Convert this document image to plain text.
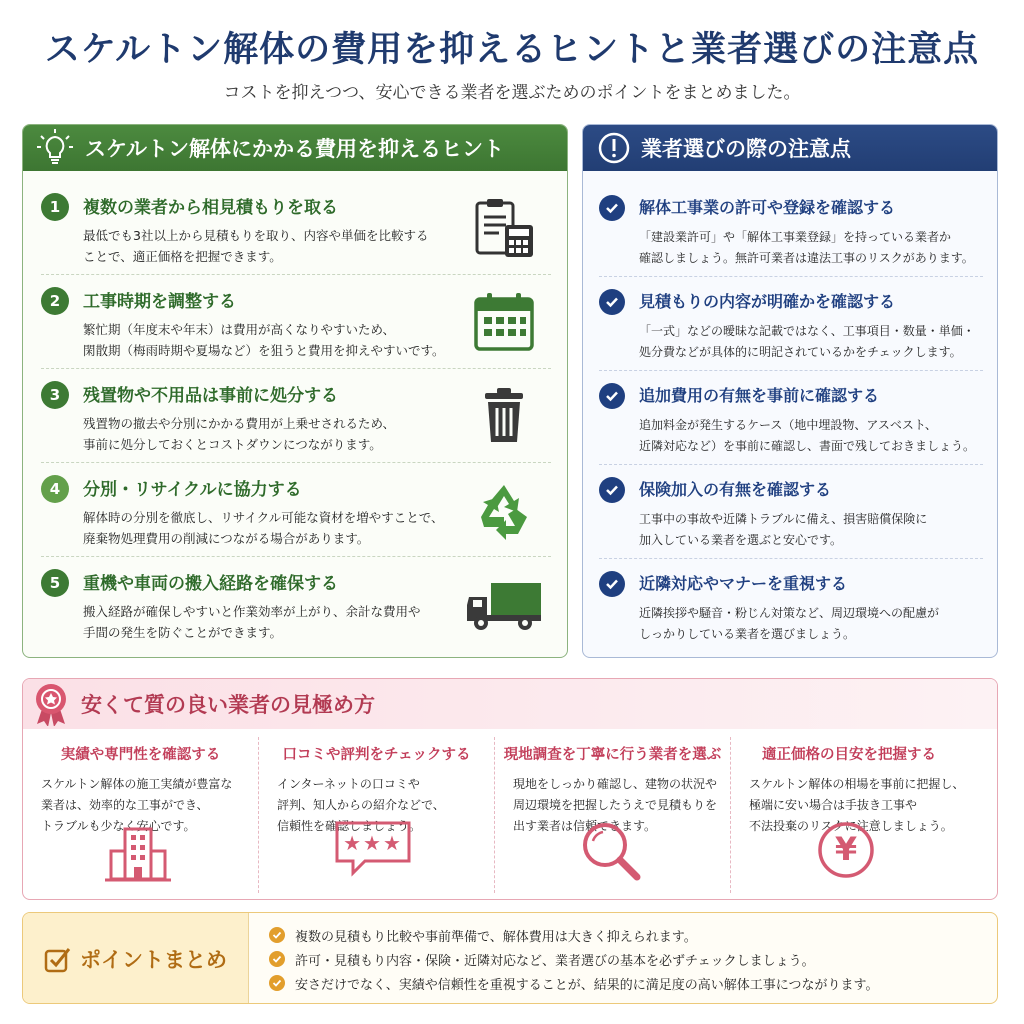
スケルトン解体の費用を抑えるヒントと業者選びの注意点
コストを抑えつつ、安心できる業者を選ぶためのポイントをまとめました。
スケルトン解体にかかる費用を抑えるヒント
1	複数の業者から相見積もりを取る
最低でも3社以上から見積もりを取り、内容や単価を比較する
ことで、適正価格を把握できます。
2	工事時期を調整する
繁忙期（年度末や年末）は費用が高くなりやすいため、
閑散期（梅雨時期や夏場など）を狙うと費用を抑えやすいです。
3	残置物や不用品は事前に処分する
残置物の撤去や分別にかかる費用が上乗せされるため、
事前に処分しておくとコストダウンにつながります。
4	分別・リサイクルに協力する
解体時の分別を徹底し、リサイクル可能な資材を増やすことで、
廃棄物処理費用の削減につながる場合があります。
5	重機や車両の搬入経路を確保する
搬入経路が確保しやすいと作業効率が上がり、余計な費用や
手間の発生を防ぐことができます。
業者選びの際の注意点
解体工事業の許可や登録を確認する
「建設業許可」や「解体工事業登録」を持っている業者か
確認しましょう。無許可業者は違法工事のリスクがあります。
見積もりの内容が明確かを確認する
「一式」などの曖昧な記載ではなく、工事項目・数量・単価・
処分費などが具体的に明記されているかをチェックします。
追加費用の有無を事前に確認する
追加料金が発生するケース（地中埋設物、アスベスト、
近隣対応など）を事前に確認し、書面で残しておきましょう。
保険加入の有無を確認する
工事中の事故や近隣トラブルに備え、損害賠償保険に
加入している業者を選ぶと安心です。
近隣対応やマナーを重視する
近隣挨拶や騒音・粉じん対策など、周辺環境への配慮が
しっかりしている業者を選びましょう。
安くて質の良い業者の見極め方
実績や専門性を確認する
スケルトン解体の施工実績が豊富な
業者は、効率的な工事ができ、
トラブルも少なく安心です。
口コミや評判をチェックする
インターネットの口コミや
評判、知人からの紹介などで、
信頼性を確認しましょう。
★★★
現地調査を丁寧に行う業者を選ぶ
現地をしっかり確認し、建物の状況や
周辺環境を把握したうえで見積もりを
出す業者は信頼できます。
適正価格の目安を把握する
スケルトン解体の相場を事前に把握し、
極端に安い場合は手抜き工事や
不法投棄のリスクに注意しましょう。
¥
ポイントまとめ
複数の見積もり比較や事前準備で、解体費用は大きく抑えられます。
許可・見積もり内容・保険・近隣対応など、業者選びの基本を必ずチェックしましょう。
安さだけでなく、実績や信頼性を重視することが、結果的に満足度の高い解体工事につながります。
